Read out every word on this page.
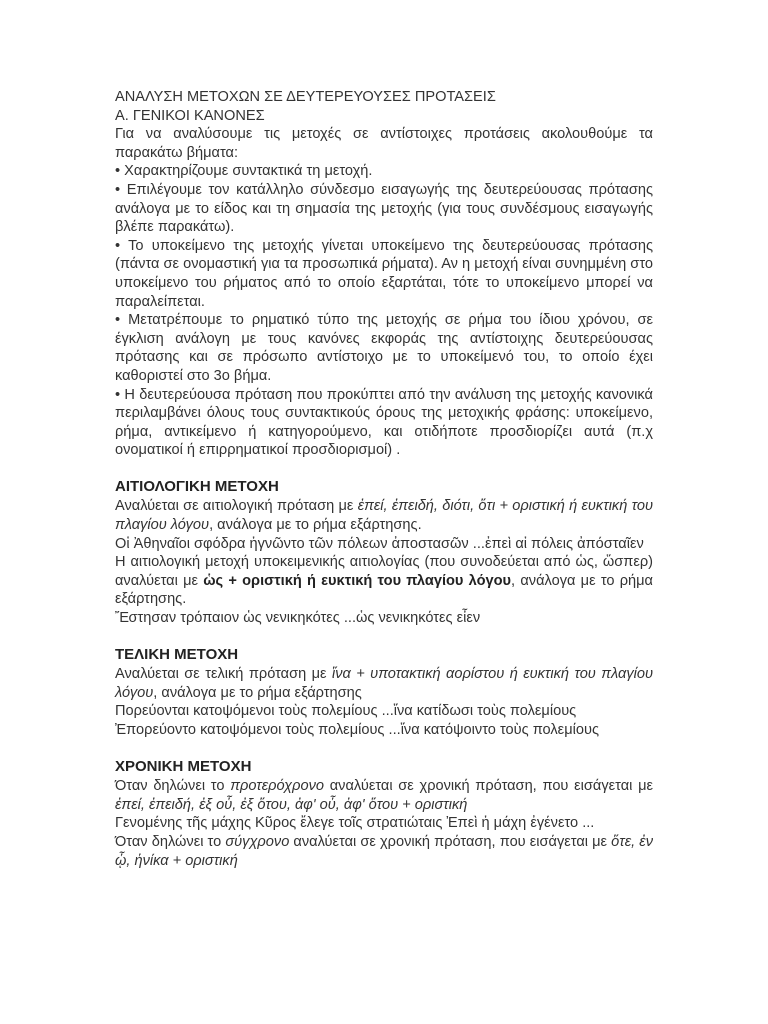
ΑΝΑΛΥΣΗ ΜΕΤΟΧΩΝ ΣΕ ΔΕΥΤΕΡΕΥΟΥΣΕΣ ΠΡΟΤΑΣΕΙΣ

Α. ΓΕΝΙΚΟΙ ΚΑΝΟΝΕΣ

Για να αναλύσουμε τις μετοχές σε αντίστοιχες προτάσεις ακολουθούμε τα παρακάτω βήματα:

• Χαρακτηρίζουμε συντακτικά τη μετοχή.

• Επιλέγουμε τον κατάλληλο σύνδεσμο εισαγωγής της δευτερεύουσας πρότασης ανάλογα με το είδος και τη σημασία της μετοχής (για τους συνδέσμους εισαγωγής βλέπε παρακάτω).

• Το υποκείμενο της μετοχής γίνεται υποκείμενο της δευτερεύουσας πρότασης (πάντα σε ονομαστική για τα προσωπικά ρήματα). Αν η μετοχή είναι συνημμένη στο υποκείμενο του ρήματος από το οποίο εξαρτάται, τότε το υποκείμενο μπορεί να παραλείπεται.

• Μετατρέπουμε το ρηματικό τύπο της μετοχής σε ρήμα του ίδιου χρόνου, σε έγκλιση ανάλογη με τους κανόνες εκφοράς της αντίστοιχης δευτερεύουσας πρότασης και σε πρόσωπο αντίστοιχο με το υποκείμενό του, το οποίο έχει καθοριστεί στο 3ο βήμα.

• Η δευτερεύουσα πρόταση που προκύπτει από την ανάλυση της μετοχής κανονικά περιλαμβάνει όλους τους συντακτικούς όρους της μετοχικής φράσης: υποκείμενο, ρήμα, αντικείμενο ή κατηγορούμενο, και οτιδήποτε προσδιορίζει αυτά (π.χ ονοματικοί ή επιρρηματικοί προσδιορισμοί) .

ΑΙΤΙΟΛΟΓΙΚΗ ΜΕΤΟΧΗ

Αναλύεται σε αιτιολογική πρόταση με ἐπεί, ἐπειδή, διότι, ὅτι + οριστική ή ευκτική του πλαγίου λόγου, ανάλογα με το ρήμα εξάρτησης.

Οἱ Ἀθηναῖοι σφόδρα ἠγνῶντο τῶν πόλεων ἀποστασῶν ...ἐπεὶ αἱ πόλεις ἀπόσταῖεν

Η αιτιολογική μετοχή υποκειμενικής αιτιολογίας (που συνοδεύεται από ὡς, ὥσπερ) αναλύεται με ὡς + οριστική ή ευκτική του πλαγίου λόγου, ανάλογα με το ρήμα εξάρτησης.

Ἔστησαν τρόπαιον ὡς νενικηκότες ...ὡς νενικηκότες εἶεν

ΤΕΛΙΚΗ ΜΕΤΟΧΗ

Αναλύεται σε τελική πρόταση με ἵνα + υποτακτική αορίστου ή ευκτική του πλαγίου λόγου, ανάλογα με το ρήμα εξάρτησης

Πορεύονται κατοψόμενοι τοὺς πολεμίους ...ἵνα κατίδωσι τοὺς πολεμίους

Ἐπορεύοντο κατοψόμενοι τοὺς πολεμίους ...ἵνα κατόψοιντο τοὺς πολεμίους

ΧΡΟΝΙΚΗ ΜΕΤΟΧΗ

Όταν δηλώνει το προτερόχρονο αναλύεται σε χρονική πρόταση, που εισάγεται με ἐπεί, ἐπειδή, ἐξ οὗ, ἐξ ὅτου, ἀφ' οὗ, ἀφ' ὅτου + οριστική

Γενομένης τῆς μάχης Κῦρος ἔλεγε τοῖς στρατιώταις Ἐπεὶ ἡ μάχη ἐγένετο ...

Όταν δηλώνει το σύγχρονο αναλύεται σε χρονική πρόταση, που εισάγεται με ὅτε, ἐν ᾧ, ἡνίκα + οριστική
